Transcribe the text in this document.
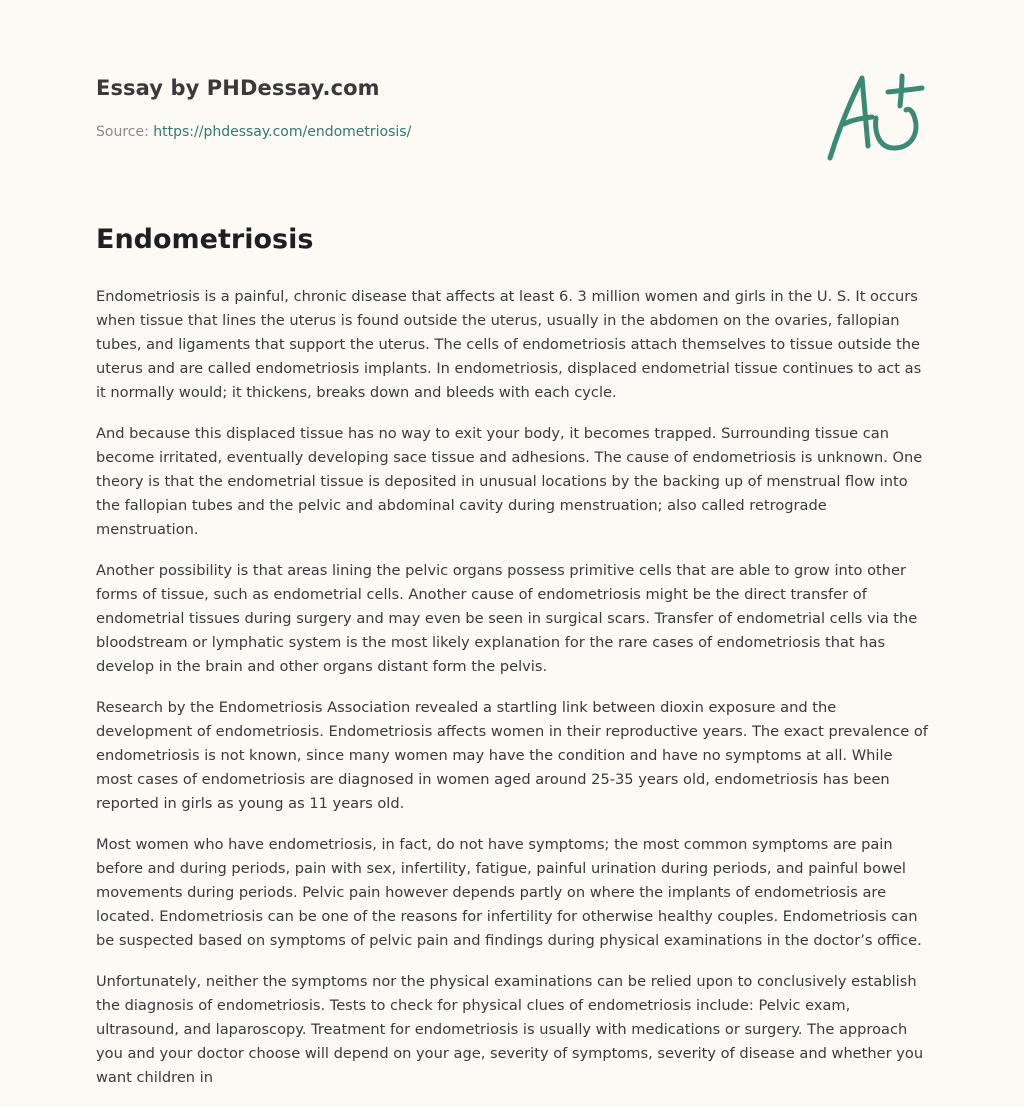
Essay by PHDessay.com
Source: https://phdessay.com/endometriosis/
Endometriosis

Endometriosis is a painful, chronic disease that affects at least 6. 3 million women and girls in the U. S. It occurs when tissue that lines the uterus is found outside the uterus, usually in the abdomen on the ovaries, fallopian tubes, and ligaments that support the uterus. The cells of endometriosis attach themselves to tissue outside the uterus and are called endometriosis implants. In endometriosis, displaced endometrial tissue continues to act as it normally would; it thickens, breaks down and bleeds with each cycle.

And because this displaced tissue has no way to exit your body, it becomes trapped. Surrounding tissue can become irritated, eventually developing sace tissue and adhesions. The cause of endometriosis is unknown. One theory is that the endometrial tissue is deposited in unusual locations by the backing up of menstrual flow into the fallopian tubes and the pelvic and abdominal cavity during menstruation; also called retrograde menstruation.

Another possibility is that areas lining the pelvic organs possess primitive cells that are able to grow into other forms of tissue, such as endometrial cells. Another cause of endometriosis might be the direct transfer of endometrial tissues during surgery and may even be seen in surgical scars. Transfer of endometrial cells via the bloodstream or lymphatic system is the most likely explanation for the rare cases of endometriosis that has develop in the brain and other organs distant form the pelvis.

Research by the Endometriosis Association revealed a startling link between dioxin exposure and the development of endometriosis. Endometriosis affects women in their reproductive years. The exact prevalence of endometriosis is not known, since many women may have the condition and have no symptoms at all. While most cases of endometriosis are diagnosed in women aged around 25-35 years old, endometriosis has been reported in girls as young as 11 years old.

Most women who have endometriosis, in fact, do not have symptoms; the most common symptoms are pain before and during periods, pain with sex, infertility, fatigue, painful urination during periods, and painful bowel movements during periods. Pelvic pain however depends partly on where the implants of endometriosis are located. Endometriosis can be one of the reasons for infertility for otherwise healthy couples. Endometriosis can be suspected based on symptoms of pelvic pain and findings during physical examinations in the doctor’s office.

Unfortunately, neither the symptoms nor the physical examinations can be relied upon to conclusively establish the diagnosis of endometriosis. Tests to check for physical clues of endometriosis include: Pelvic exam, ultrasound, and laparoscopy. Treatment for endometriosis is usually with medications or surgery. The approach you and your doctor choose will depend on your age, severity of symptoms, severity of disease and whether you want children in
